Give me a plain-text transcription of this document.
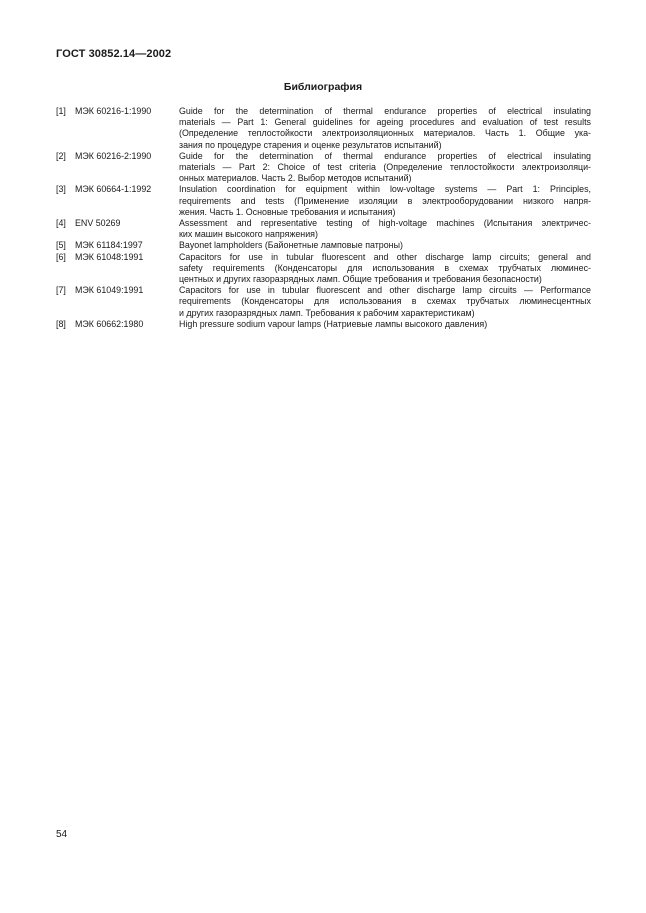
ГОСТ 30852.14—2002
Библиография
[1]	МЭК 60216-1:1990	Guide for the determination of thermal endurance properties of electrical insulating
materials — Part 1: General guidelines for ageing procedures and evaluation of test results
(Определение теплостойкости электроизоляционных материалов. Часть 1. Общие ука-
зания по процедуре старения и оценке результатов испытаний)
[2]	МЭК 60216-2:1990	Guide for the determination of thermal endurance properties of electrical insulating
materials — Part 2: Choice of test criteria (Определение теплостойкости электроизоляци-
онных материалов. Часть 2. Выбор методов испытаний)
[3]	МЭК 60664-1:1992	Insulation coordination for equipment within low-voltage systems — Part 1: Principles,
requirements and tests (Применение изоляции в электрооборудовании низкого напря-
жения. Часть 1. Основные требования и испытания)
[4]	ENV 50269	Assessment and representative testing of high-voltage machines (Испытания электричес-
ких машин высокого напряжения)
[5]	МЭК 61184:1997	Bayonet lampholders (Байонетные ламповые патроны)
[6]	МЭК 61048:1991	Capacitors for use in tubular fluorescent and other discharge lamp circuits; general and
safety requirements (Конденсаторы для использования в схемах трубчатых люминес-
центных и других газоразрядных ламп. Общие требования и требования безопасности)
[7]	МЭК 61049:1991	Capacitors for use in tubular fluorescent and other discharge lamp circuits — Performance
requirements (Конденсаторы для использования в схемах трубчатых люминесцентных
и других газоразрядных ламп. Требования к рабочим характеристикам)
[8]	МЭК 60662:1980	High pressure sodium vapour lamps (Натриевые лампы высокого давления)
54
